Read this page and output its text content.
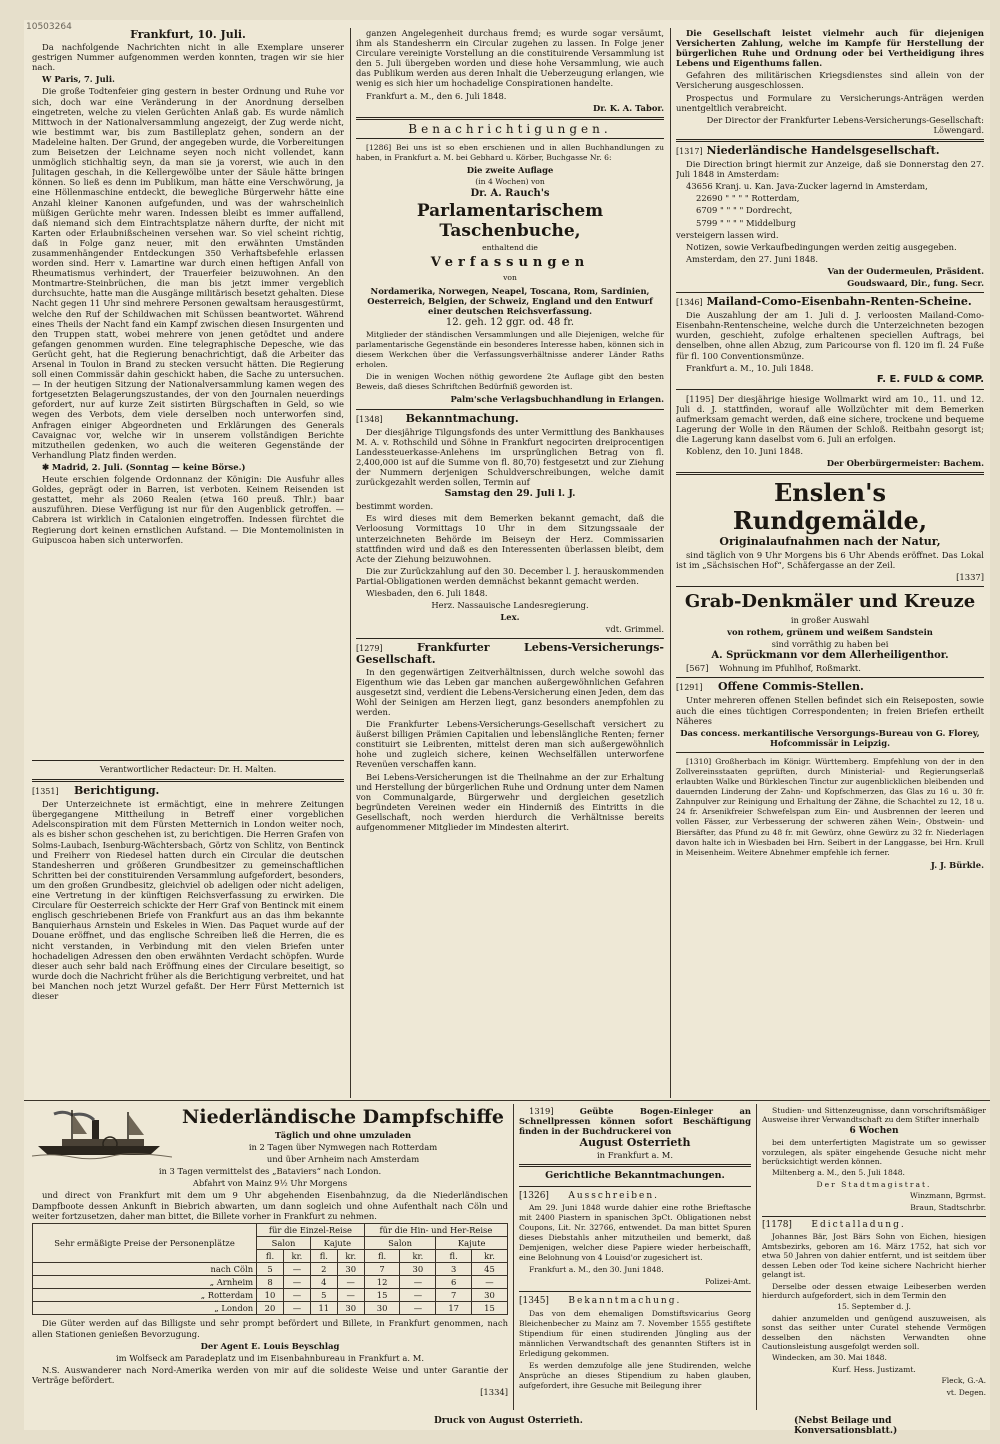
10503264

Frankfurt, 10. Juli.

Da nachfolgende Nachrichten nicht in alle Exemplare unserer gestrigen Nummer aufgenommen werden konnten, tragen wir sie hier nach.

W Paris, 7. Juli.

Die große Todtenfeier ging gestern in bester Ordnung und Ruhe vor sich, doch war eine Veränderung in der Anordnung derselben eingetreten, welche zu vielen Gerüchten Anlaß gab. Es wurde nämlich Mittwoch in der Nationalversammlung angezeigt, der Zug werde nicht, wie bestimmt war, bis zum Bastilleplatz gehen, sondern an der Madeleine halten. Der Grund, der angegeben wurde, die Vorbereitungen zum Beisetzen der Leichname seyen noch nicht vollendet, kann unmöglich stichhaltig seyn, da man sie ja vorerst, wie auch in den Julitagen geschah, in die Kellergewölbe unter der Säule hätte bringen können. So ließ es denn im Publikum, man hätte eine Verschwörung, ja eine Höllenmaschine entdeckt, die bewegliche Bürgerwehr hätte eine Anzahl kleiner Kanonen aufgefunden, und was der wahrscheinlich müßigen Gerüchte mehr waren. Indessen bleibt es immer auffallend, daß niemand sich dem Eintrachtsplatze nähern durfte, der nicht mit Karten oder Erlaubnißscheinen versehen war. So viel scheint richtig, daß in Folge ganz neuer, mit den erwähnten Umständen zusammenhängender Entdeckungen 350 Verhaftsbefehle erlassen worden sind. Herr v. Lamartine war durch einen heftigen Anfall von Rheumatismus verhindert, der Trauerfeier beizuwohnen. An den Montmartre-Steinbrüchen, die man bis jetzt immer vergeblich durchsuchte, hatte man die Ausgänge militärisch besetzt gehalten. Diese Nacht gegen 11 Uhr sind mehrere Personen gewaltsam herausgestürmt, welche den Ruf der Schildwachen mit Schüssen beantwortet. Während eines Theils der Nacht fand ein Kampf zwischen diesen Insurgenten und den Truppen statt, wobei mehrere von jenen getödtet und andere gefangen genommen wurden. Eine telegraphische Depesche, wie das Gerücht geht, hat die Regierung benachrichtigt, daß die Arbeiter das Arsenal in Toulon in Brand zu stecken versucht hätten. Die Regierung soll einen Commissär dahin geschickt haben, die Sache zu untersuchen. — In der heutigen Sitzung der Nationalversammlung kamen wegen des fortgesetzten Belagerungszustandes, der von den Journalen neuerdings gefordert, nur auf kurze Zeit sistirten Bürgschaften in Geld, so wie wegen des Verbots, dem viele derselben noch unterworfen sind, Anfragen einiger Abgeordneten und Erklärungen des Generals Cavaignac vor, welche wir in unserem vollständigen Berichte mitzutheilen gedenken, wo auch die weiteren Gegenstände der Verhandlung Platz finden werden.

✱ Madrid, 2. Juli. (Sonntag — keine Börse.)

Heute erschien folgende Ordonnanz der Königin: Die Ausfuhr alles Goldes, geprägt oder in Barren, ist verboten. Keinem Reisenden ist gestattet, mehr als 2060 Realen (etwa 160 preuß. Thlr.) baar auszuführen. Diese Verfügung ist nur für den Augenblick getroffen. — Cabrera ist wirklich in Catalonien eingetroffen. Indessen fürchtet die Regierung dort keinen ernstlichen Aufstand. — Die Montemolinisten in Guipuscoa haben sich unterworfen.

Verantwortlicher Redacteur: Dr. H. Malten.

[1351] Berichtigung.

Der Unterzeichnete ist ermächtigt, eine in mehrere Zeitungen übergegangene Mittheilung in Betreff einer vorgeblichen Adelsconspiration mit dem Fürsten Metternich in London weiter noch, als es bisher schon geschehen ist, zu berichtigen. Die Herren Grafen von Solms-Laubach, Isenburg-Wächtersbach, Görtz von Schlitz, von Bentinck und Freiherr von Riedesel hatten durch ein Circular die deutschen Standesherren und größeren Grundbesitzer zu gemeinschaftlichen Schritten bei der constituirenden Versammlung aufgefordert, besonders, um den großen Grundbesitz, gleichviel ob adeligen oder nicht adeligen, eine Vertretung in der künftigen Reichsverfassung zu erwirken. Die Circulare für Oesterreich schickte der Herr Graf von Bentinck mit einem englisch geschriebenen Briefe von Frankfurt aus an das ihm bekannte Banquierhaus Arnstein und Eskeles in Wien. Das Paquet wurde auf der Douane eröffnet, und das englische Schreiben ließ die Herren, die es nicht verstanden, in Verbindung mit den vielen Briefen unter hochadeligen Adressen den oben erwähnten Verdacht schöpfen. Wurde dieser auch sehr bald nach Eröffnung eines der Circulare beseitigt, so wurde doch die Nachricht früher als die Berichtigung verbreitet, und hat bei Manchen noch jetzt Wurzel gefaßt. Der Herr Fürst Metternich ist dieser

ganzen Angelegenheit durchaus fremd; es wurde sogar versäumt, ihm als Standesherrn ein Circular zugehen zu lassen. In Folge jener Circulare vereinigte Vorstellung an die constituirende Versammlung ist den 5. Juli übergeben worden und diese hohe Versammlung, wie auch das Publikum werden aus deren Inhalt die Ueberzeugung erlangen, wie wenig es sich hier um hochadelige Conspirationen handelte.

Frankfurt a. M., den 6. Juli 1848.

Dr. K. A. Tabor.

Benachrichtigungen.

[1286] Bei uns ist so eben erschienen und in allen Buchhandlungen zu haben, in Frankfurt a. M. bei Gebhard u. Körber, Buchgasse Nr. 6:

Die zweite Auflage

(in 4 Wochen) von

Dr. A. Rauch's

Parlamentarischem Taschenbuche,

enthaltend die

Verfassungen

von

Nordamerika, Norwegen, Neapel, Toscana, Rom, Sardinien, Oesterreich, Belgien, der Schweiz, England und den Entwurf einer deutschen Reichsverfassung.

12. geh. 12 ggr. od. 48 fr.

Mitglieder der ständischen Versammlungen und alle Diejenigen, welche für parlamentarische Gegenstände ein besonderes Interesse haben, können sich in diesem Werkchen über die Verfassungsverhältnisse anderer Länder Raths erholen.

Die in wenigen Wochen nöthig gewordene 2te Auflage gibt den besten Beweis, daß dieses Schriftchen Bedürfniß geworden ist.

Palm'sche Verlagsbuchhandlung in Erlangen.

[1348] Bekanntmachung.

Der diesjährige Tilgungsfonds des unter Vermittlung des Bankhauses M. A. v. Rothschild und Söhne in Frankfurt negocirten dreiprocentigen Landessteuerkasse-Anlehens im ursprünglichen Betrag von fl. 2,400,000 ist auf die Summe von fl. 80,70) festgesetzt und zur Ziehung der Nummern derjenigen Schuldverschreibungen, welche damit zurückgezahlt werden sollen, Termin auf

Samstag den 29. Juli l. J.

bestimmt worden.

Es wird dieses mit dem Bemerken bekannt gemacht, daß die Verloosung Vormittags 10 Uhr in dem Sitzungssaale der unterzeichneten Behörde im Beiseyn der Herz. Commissarien stattfinden wird und daß es den Interessenten überlassen bleibt, dem Acte der Ziehung beizuwohnen.

Die zur Zurückzahlung auf den 30. December l. J. herauskommenden Partial-Obligationen werden demnächst bekannt gemacht werden.

Wiesbaden, den 6. Juli 1848.

Herz. Nassauische Landesregierung.

Lex.

vdt. Grimmel.

[1279]	Frankfurter Lebens-Versicherungs-Gesellschaft.

In den gegenwärtigen Zeitverhältnissen, durch welche sowohl das Eigenthum wie das Leben gar manchen außergewöhnlichen Gefahren ausgesetzt sind, verdient die Lebens-Versicherung einen Jeden, dem das Wohl der Seinigen am Herzen liegt, ganz besonders anempfohlen zu werden.

Die Frankfurter Lebens-Versicherungs-Gesellschaft versichert zu äußerst billigen Prämien Capitalien und lebenslängliche Renten; ferner constituirt sie Leibrenten, mittelst deren man sich außergewöhnlich hohe und zugleich sichere, keinen Wechselfällen unterworfene Revenüen verschaffen kann.

Bei Lebens-Versicherungen ist die Theilnahme an der zur Erhaltung und Herstellung der bürgerlichen Ruhe und Ordnung unter dem Namen von Communalgarde, Bürgerwehr und dergleichen gesetzlich begründeten Vereinen weder ein Hinderniß des Eintritts in die Gesellschaft, noch werden hierdurch die Verhältnisse bereits aufgenommener Mitglieder im Mindesten alterirt.

Die Gesellschaft leistet vielmehr auch für diejenigen Versicherten Zahlung, welche im Kampfe für Herstellung der bürgerlichen Ruhe und Ordnung oder bei Vertheidigung ihres Lebens und Eigenthums fallen.

Gefahren des militärischen Kriegsdienstes sind allein von der Versicherung ausgeschlossen.

Prospectus und Formulare zu Versicherungs-Anträgen werden unentgeltlich verabreicht.

Der Director der Frankfurter Lebens-Versicherungs-Gesellschaft: Löwengard.

[1317] Niederländische Handelsgesellschaft.

Die Direction bringt hiermit zur Anzeige, daß sie Donnerstag den 27. Juli 1848 in Amsterdam:

43656 Kranj. u. Kan. Java-Zucker lagernd in Amsterdam,

22690 " " " " Rotterdam,

6709 " " " " Dordrecht,

5799 " " " " Middelburg

versteigern lassen wird.

Notizen, sowie Verkaufbedingungen werden zeitig ausgegeben.

Amsterdam, den 27. Juni 1848.

Van der Oudermeulen, Präsident.

Goudswaard, Dir., fung. Secr.

[1346] Mailand-Como-Eisenbahn-Renten-Scheine.

Die Auszahlung der am 1. Juli d. J. verloosten Mailand-Como-Eisenbahn-Rentenscheine, welche durch die Unterzeichneten bezogen wurden, geschieht, zufolge erhaltenen speciellen Auftrags, bei denselben, ohne allen Abzug, zum Paricourse von fl. 120 im fl. 24 Fuße für fl. 100 Conventionsmünze.

Frankfurt a. M., 10. Juli 1848.

F. E. FULD & COMP.

[1195] Der diesjährige hiesige Wollmarkt wird am 10., 11. und 12. Juli d. J. stattfinden, worauf alle Wollzüchter mit dem Bemerken aufmerksam gemacht werden, daß eine sichere, trockene und bequeme Lagerung der Wolle in den Räumen der Schloß. Reitbahn gesorgt ist; die Lagerung kann daselbst vom 6. Juli an erfolgen.

Koblenz, den 10. Juni 1848.

Der Oberbürgermeister: Bachem.

Enslen's Rundgemälde,

Originalaufnahmen nach der Natur,

sind täglich von 9 Uhr Morgens bis 6 Uhr Abends eröffnet. Das Lokal ist im „Sächsischen Hof“, Schäfergasse an der Zeil.

[1337]

Grab-Denkmäler und Kreuze

in großer Auswahl

von rothem, grünem und weißem Sandstein

sind vorräthig zu haben bei

A. Sprückmann vor dem Allerheiligenthor.

[567] Wohnung im Pfuhlhof, Roßmarkt.

[1291] Offene Commis-Stellen.

Unter mehreren offenen Stellen befindet sich ein Reiseposten, sowie auch die eines tüchtigen Correspondenten; in freien Briefen ertheilt Näheres

Das concess. merkantilische Versorgungs-Bureau von G. Florey, Hofcommissär in Leipzig.

[1310] Großherbach im Königr. Württemberg. Empfehlung von der in den Zollvereinsstaaten geprüften, durch Ministerial- und Regierungserlaß erlaubten Walke und Bürkleschen Tinctur zur augenblicklichen bleibenden und dauernden Linderung der Zahn- und Kopfschmerzen, das Glas zu 16 u. 30 fr. Zahnpulver zur Reinigung und Erhaltung der Zähne, die Schachtel zu 12, 18 u. 24 fr. Arsenikfreier Schwefelspan zum Ein- und Ausbrennen der leeren und vollen Fässer, zur Verbesserung der schweren zähen Wein-, Obstwein- und Biersäfter, das Pfund zu 48 fr. mit Gewürz, ohne Gewürz zu 32 fr. Niederlagen davon halte ich in Wiesbaden bei Hrn. Seibert in der Langgasse, bei Hrn. Krull in Meisenheim. Weitere Abnehmer empfehle ich ferner.

J. J. Bürkle.

Niederländische Dampfschiffe

Täglich und ohne umzuladen

in 2 Tagen über Nymwegen nach Rotterdam

und über Arnheim nach Amsterdam

in 3 Tagen vermittelst des „Bataviers“ nach London.

Abfahrt von Mainz 9½ Uhr Morgens

und direct von Frankfurt mit dem um 9 Uhr abgehenden Eisenbahnzug, da die Niederländischen Dampfboote dessen Ankunft in Biebrich abwarten, um dann sogleich und ohne Aufenthalt nach Cöln und weiter fortzusetzen, daher man bittet, die Billete vorher in Frankfurt zu nehmen.

Sehr ermäßigte Preise der Personenplätze	für die Einzel-Reise				für die Hin- und Her-Reise			
	Salon		Kajute		Salon		Kajute	
	fl.	kr.	fl.	kr.	fl.	kr.	fl.	kr.
nach Cöln	5	—	2	30	7	30	3	45
„ Arnheim	8	—	4	—	12	—	6	—
„ Rotterdam	10	—	5	—	15	—	7	30
„ London	20	—	11	30	30	—	17	15

Die Güter werden auf das Billigste und sehr prompt befördert und Billete, in Frankfurt genommen, nach allen Stationen genießen Bevorzugung.

Der Agent E. Louis Beyschlag

im Wolfseck am Paradeplatz und im Eisenbahnbureau in Frankfurt a. M.

N.S. Auswanderer nach Nord-Amerika werden von mir auf die solideste Weise und unter Garantie der Verträge befördert.

[1334]

1319]	Geübte Bogen-Einleger an Schnellpressen können sofort Beschäftigung finden in der Buchdruckerei von

August Osterrieth

in Frankfurt a. M.

Gerichtliche Bekanntmachungen.

[1326] Ausschreiben.

Am 29. Juni 1848 wurde dahier eine rothe Brieftasche mit 2400 Piastern in spanischen 3pCt. Obligationen nebst Coupons, Lit. Nr. 32766, entwendet. Da man bittet Spuren dieses Diebstahls anher mitzutheilen und bemerkt, daß Demjenigen, welcher diese Papiere wieder herbeischafft, eine Belohnung von 4 Louisd'or zugesichert ist.

Frankfurt a. M., den 30. Juni 1848.

Polizei-Amt.

[1345] Bekanntmachung.

Das von dem ehemaligen Domstiftsvicarius Georg Bleichenbecher zu Mainz am 7. November 1555 gestiftete Stipendium für einen studirenden Jüngling aus der männlichen Verwandtschaft des genannten Stifters ist in Erledigung gekommen.

Es werden demzufolge alle jene Studirenden, welche Ansprüche an dieses Stipendium zu haben glauben, aufgefordert, ihre Gesuche mit Beilegung ihrer

Studien- und Sittenzeugnisse, dann vorschriftsmäßiger Ausweise ihrer Verwandtschaft zu dem Stifter innerhalb

6 Wochen

bei dem unterfertigten Magistrate um so gewisser vorzulegen, als später eingehende Gesuche nicht mehr berücksichtigt werden können.

Miltenberg a. M., den 5. Juli 1848.

Der Stadtmagistrat.

Winzmann, Bgrmst.

Braun, Stadtschrbr.

[1178] Edictalladung.

Johannes Bär, Jost Bärs Sohn von Eichen, hiesigen Amtsbezirks, geboren am 16. März 1752, hat sich vor etwa 50 Jahren von dahier entfernt, und ist seitdem über dessen Leben oder Tod keine sichere Nachricht hierher gelangt ist.

Derselbe oder dessen etwaige Leibeserben werden hierdurch aufgefordert, sich in dem Termin den

15. September d. J.

dahier anzumelden und genügend auszuweisen, als sonst das seither unter Curatel stehende Vermögen desselben den nächsten Verwandten ohne Cautionsleistung ausgefolgt werden soll.

Windecken, am 30. Mai 1848.

Kurf. Hess. Justizamt.

Fleck, G.-A.

vt. Degen.

Druck von August Osterrieth.	(Nebst Beilage und Konversationsblatt.)
